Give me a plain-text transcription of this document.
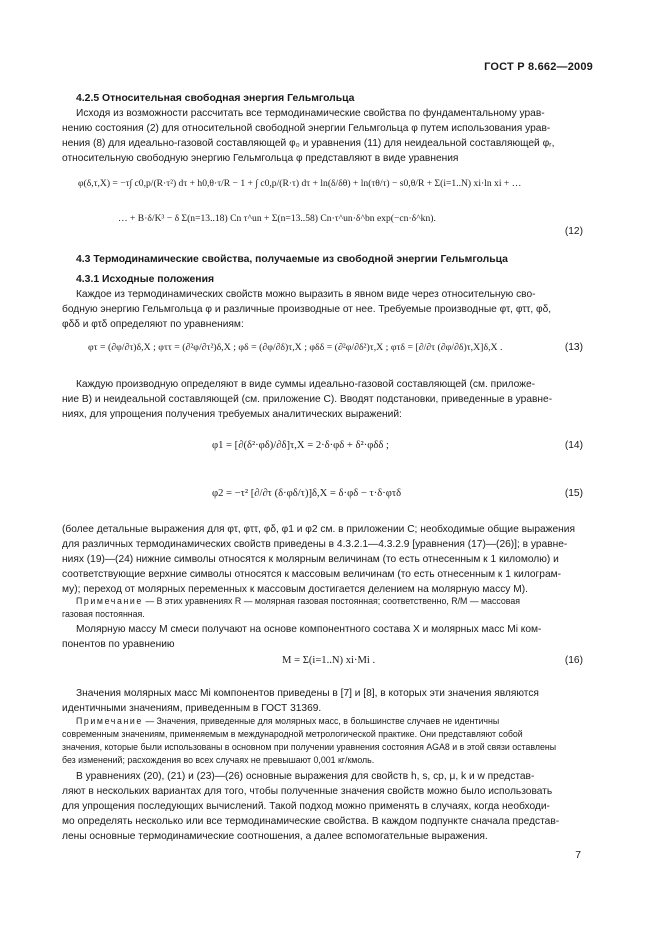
ГОСТ Р 8.662—2009
4.2.5 Относительная свободная энергия Гельмгольца
Исходя из возможности рассчитать все термодинамические свойства по фундаментальному урав-
нению состояния (2) для относительной свободной энергии Гельмгольца φ путем использования урав-
нения (8) для идеально-газовой составляющей φ₀ и уравнения (11) для неидеальной составляющей φᵣ,
относительную свободную энергию Гельмгольца φ представляют в виде уравнения
φ(δ,τ,X) = −τ∫ c0,p/(R·τ²) dτ + h0,θ·τ/R − 1 + ∫ c0,p/(R·τ) dτ + ln(δ/δθ) + ln(τθ/τ) − s0,θ/R + Σ(i=1..N) xi·ln xi + …
… + B·δ/K³ − δ Σ(n=13..18) Cn τ^un + Σ(n=13..58) Cn·τ^un·δ^bn exp(−cn·δ^kn).
(12)
4.3 Термодинамические свойства, получаемые из свободной энергии Гельмгольца
4.3.1 Исходные положения
Каждое из термодинамических свойств можно выразить в явном виде через относительную сво-
бодную энергию Гельмгольца φ и различные производные от нее. Требуемые производные φτ, φττ, φδ,
φδδ и φτδ определяют по уравнениям:
φτ = (∂φ/∂τ)δ,X ; φττ = (∂²φ/∂τ²)δ,X ; φδ = (∂φ/∂δ)τ,X ; φδδ = (∂²φ/∂δ²)τ,X ; φτδ = [∂/∂τ (∂φ/∂δ)τ,X]δ,X .	(13)
Каждую производную определяют в виде суммы идеально-газовой составляющей (см. приложе-
ние В) и неидеальной составляющей (см. приложение С). Вводят подстановки, приведенные в уравне-
ниях, для упрощения получения требуемых аналитических выражений:
φ1 = [∂(δ²·φδ)/∂δ]τ,X = 2·δ·φδ + δ²·φδδ ;	(14)
φ2 = −τ² [∂/∂τ (δ·φδ/τ)]δ,X = δ·φδ − τ·δ·φτδ	(15)
(более детальные выражения для φτ, φττ, φδ, φ1 и φ2 см. в приложении С; необходимые общие выражения
для различных термодинамических свойств приведены в 4.3.2.1—4.3.2.9 [уравнения (17)—(26)]; в уравне-
ниях (19)—(24) нижние символы относятся к молярным величинам (то есть отнесенным к 1 киломолю) и
соответствующие верхние символы относятся к массовым величинам (то есть отнесенным к 1 килограм-
му); переход от молярных переменных к массовым достигается делением на молярную массу M).
Примечание — В этих уравнениях R — молярная газовая постоянная; соответственно, R/M — массовая
газовая постоянная.
Молярную массу M смеси получают на основе компонентного состава X и молярных масс Mi ком-
понентов по уравнению
M = Σ(i=1..N) xi·Mi .	(16)
Значения молярных масс Mi компонентов приведены в [7] и [8], в которых эти значения являются
идентичными значениям, приведенным в ГОСТ 31369.
Примечание — Значения, приведенные для молярных масс, в большинстве случаев не идентичны
современным значениям, применяемым в международной метрологической практике. Они представляют собой
значения, которые были использованы в основном при получении уравнения состояния AGA8 и в этой связи оставлены
без изменений; расхождения во всех случаях не превышают 0,001 кг/кмоль.
В уравнениях (20), (21) и (23)—(26) основные выражения для свойств h, s, cp, μ, k и w представ-
ляют в нескольких вариантах для того, чтобы полученные значения свойств можно было использовать
для упрощения последующих вычислений. Такой подход можно применять в случаях, когда необходи-
мо определять несколько или все термодинамические свойства. В каждом подпункте сначала представ-
лены основные термодинамические соотношения, а далее вспомогательные выражения.
7
